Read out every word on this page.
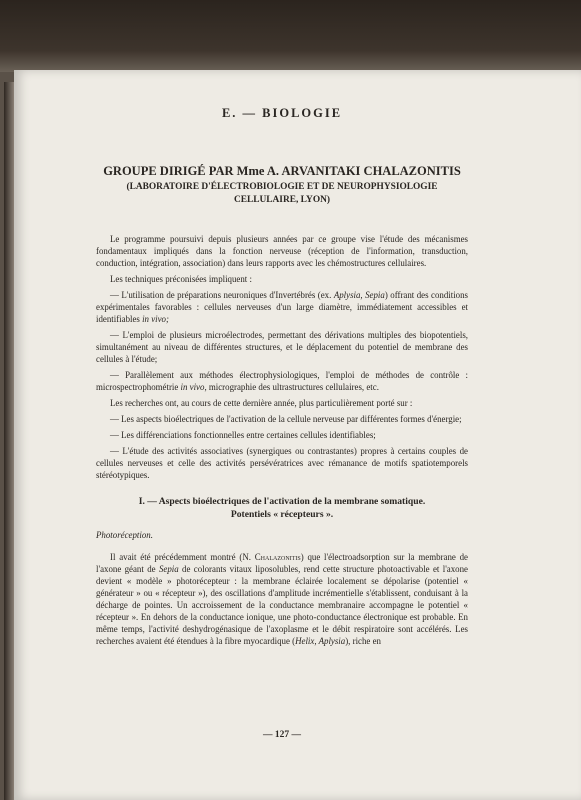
E. — BIOLOGIE
GROUPE DIRIGÉ PAR Mme A. ARVANITAKI CHALAZONITIS
(LABORATOIRE D'ÉLECTROBIOLOGIE ET DE NEUROPHYSIOLOGIE CELLULAIRE, LYON)

Le programme poursuivi depuis plusieurs années par ce groupe vise l'étude des mécanismes fondamentaux impliqués dans la fonction nerveuse (réception de l'information, transduction, conduction, intégration, association) dans leurs rapports avec les chémostructures cellulaires.

Les techniques préconisées impliquent :

— L'utilisation de préparations neuroniques d'Invertébrés (ex. Aplysia, Sepia) offrant des conditions expérimentales favorables : cellules nerveuses d'un large diamètre, immédiatement accessibles et identifiables in vivo;

— L'emploi de plusieurs microélectrodes, permettant des dérivations multiples des biopotentiels, simultanément au niveau de différentes structures, et le déplacement du potentiel de membrane des cellules à l'étude;

— Parallèlement aux méthodes électrophysiologiques, l'emploi de méthodes de contrôle : microspectrophométrie in vivo, micrographie des ultrastructures cellulaires, etc.

Les recherches ont, au cours de cette dernière année, plus particulièrement porté sur :

— Les aspects bioélectriques de l'activation de la cellule nerveuse par différentes formes d'énergie;

— Les différenciations fonctionnelles entre certaines cellules identifiables;

— L'étude des activités associatives (synergiques ou contrastantes) propres à certains couples de cellules nerveuses et celle des activités persévératrices avec rémanance de motifs spatiotemporels stéréotypiques.

I. — Aspects bioélectriques de l'activation de la membrane somatique.
Potentiels « récepteurs ».

Photoréception.

Il avait été précédemment montré (N. Chalazonitis) que l'électroadsorption sur la membrane de l'axone géant de Sepia de colorants vitaux liposolubles, rend cette structure photoactivable et l'axone devient « modèle » photorécepteur : la membrane éclairée localement se dépolarise (potentiel « générateur » ou « récepteur »), des oscillations d'amplitude incrémentielle s'établissent, conduisant à la décharge de pointes. Un accroissement de la conductance membranaire accompagne le potentiel « récepteur ». En dehors de la conductance ionique, une photo-conductance électronique est probable. En même temps, l'activité deshydrogénasique de l'axoplasme et le débit respiratoire sont accélérés. Les recherches avaient été étendues à la fibre myocardique (Helix, Aplysia), riche en

— 127 —
